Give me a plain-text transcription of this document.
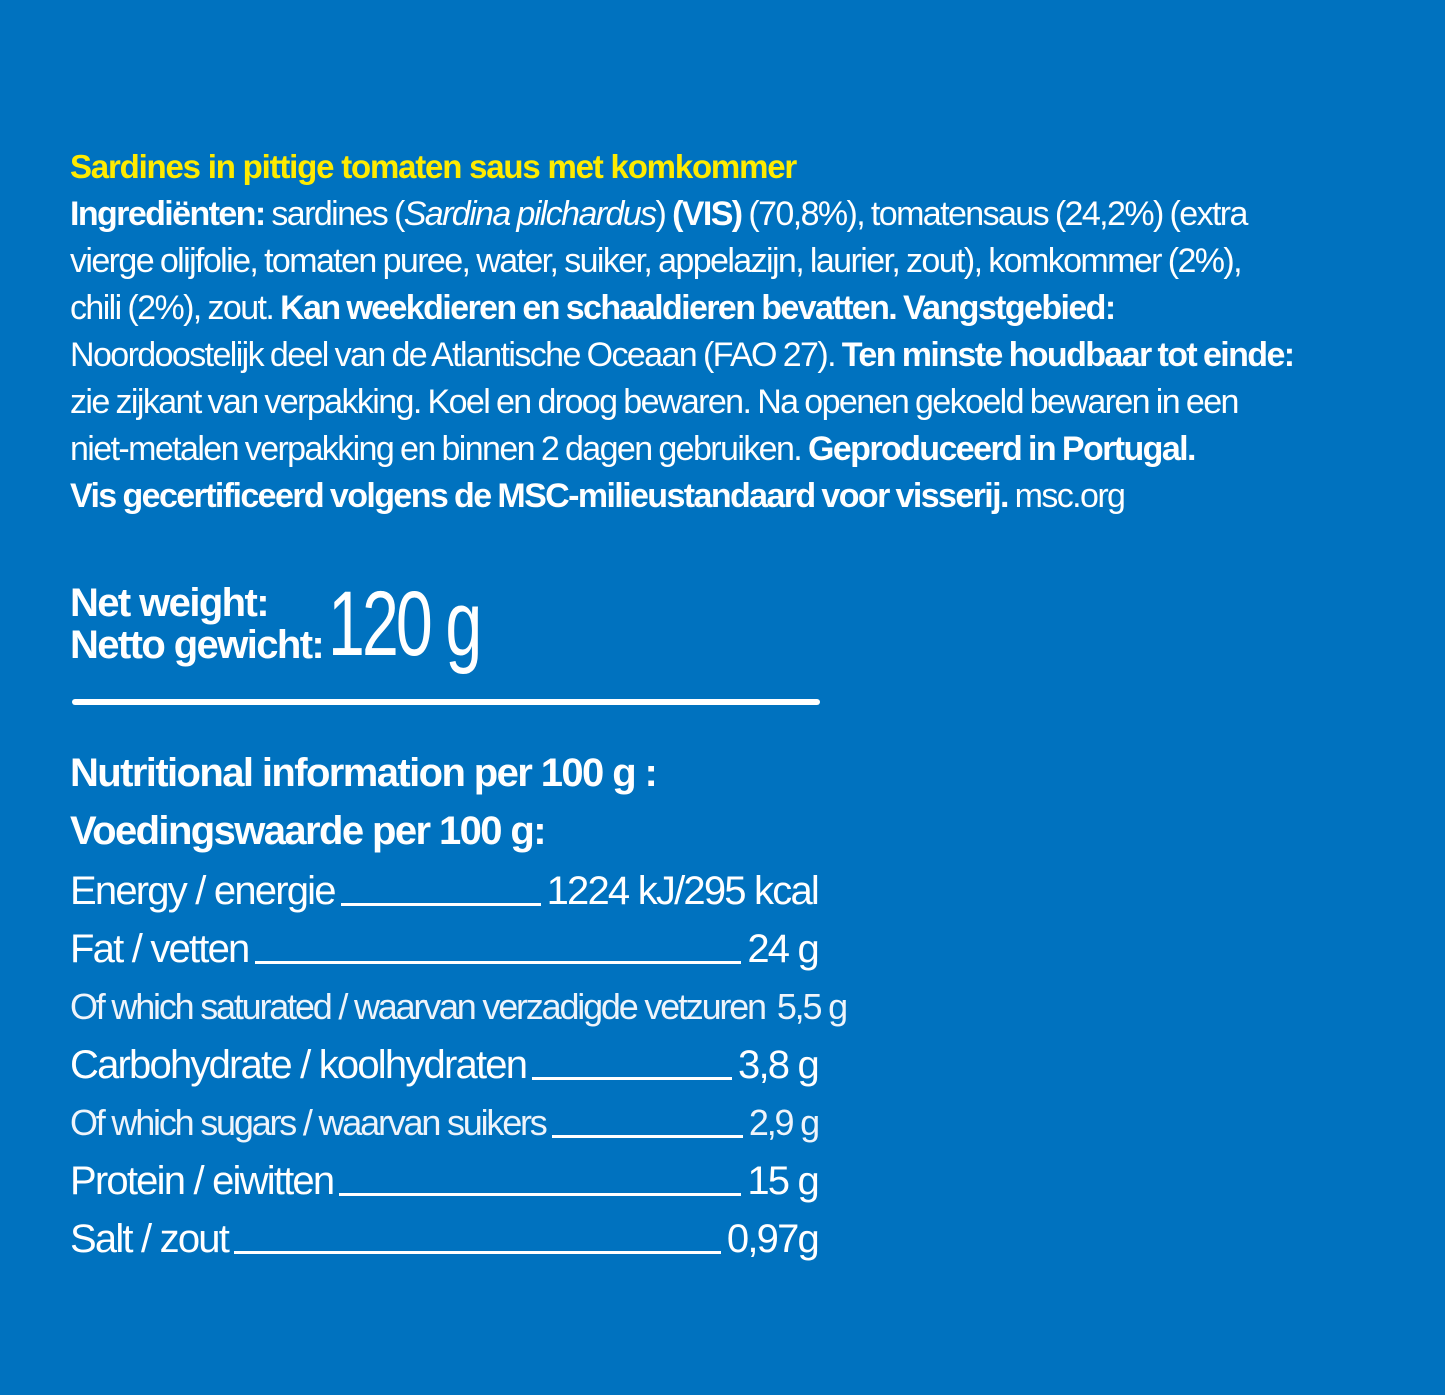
Sardines in pittige tomaten saus met komkommer
Ingrediënten: sardines (Sardina pilchardus) (VIS) (70,8%), tomatensaus (24,2%) (extra
vierge olijfolie, tomaten puree, water, suiker, appelazijn, laurier, zout), komkommer (2%),
chili (2%), zout. Kan weekdieren en schaaldieren bevatten. Vangstgebied:
Noordoostelijk deel van de Atlantische Oceaan (FAO 27). Ten minste houdbaar tot einde:
zie zijkant van verpakking. Koel en droog bewaren. Na openen gekoeld bewaren in een
niet-metalen verpakking en binnen 2 dagen gebruiken. Geproduceerd in Portugal.
Vis gecertificeerd volgens de MSC-milieustandaard voor visserij. msc.org
Net weight:
Netto gewicht: 120 g
Nutritional information per 100 g :
Voedingswaarde per 100 g:
Energy / energie	1224 kJ/295 kcal
Fat / vetten	24 g
Of which saturated / waarvan verzadigde vetzuren 5,5 g
Carbohydrate / koolhydraten	3,8 g
Of which sugars / waarvan suikers	2,9 g
Protein / eiwitten	15 g
Salt / zout	0,97g
